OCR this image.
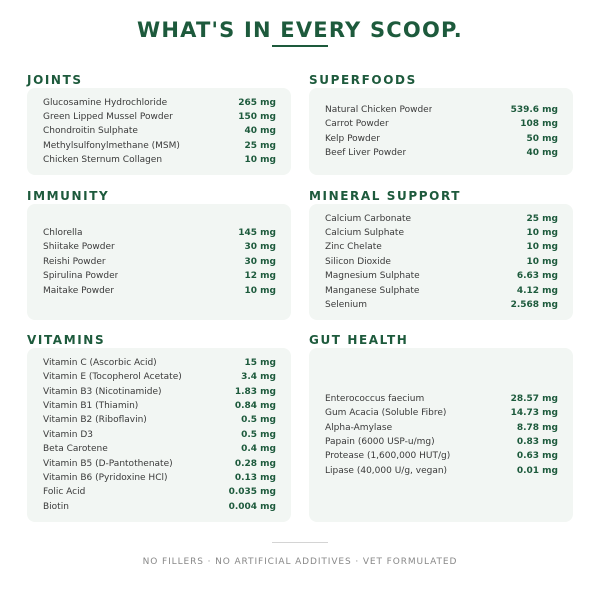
WHAT'S IN EVERY SCOOP.
JOINTS
Glucosamine Hydrochloride	265 mg
Green Lipped Mussel Powder	150 mg
Chondroitin Sulphate	40 mg
Methylsulfonylmethane (MSM)	25 mg
Chicken Sternum Collagen	10 mg
SUPERFOODS
Natural Chicken Powder	539.6 mg
Carrot Powder	108 mg
Kelp Powder	50 mg
Beef Liver Powder	40 mg
IMMUNITY
Chlorella	145 mg
Shiitake Powder	30 mg
Reishi Powder	30 mg
Spirulina Powder	12 mg
Maitake Powder	10 mg
MINERAL SUPPORT
Calcium Carbonate	25 mg
Calcium Sulphate	10 mg
Zinc Chelate	10 mg
Silicon Dioxide	10 mg
Magnesium Sulphate	6.63 mg
Manganese Sulphate	4.12 mg
Selenium	2.568 mg
VITAMINS
Vitamin C (Ascorbic Acid)	15 mg
Vitamin E (Tocopherol Acetate)	3.4 mg
Vitamin B3 (Nicotinamide)	1.83 mg
Vitamin B1 (Thiamin)	0.84 mg
Vitamin B2 (Riboflavin)	0.5 mg
Vitamin D3	0.5 mg
Beta Carotene	0.4 mg
Vitamin B5 (D-Pantothenate)	0.28 mg
Vitamin B6 (Pyridoxine HCl)	0.13 mg
Folic Acid	0.035 mg
Biotin	0.004 mg
GUT HEALTH
Enterococcus faecium	28.57 mg
Gum Acacia (Soluble Fibre)	14.73 mg
Alpha-Amylase	8.78 mg
Papain (6000 USP-u/mg)	0.83 mg
Protease (1,600,000 HUT/g)	0.63 mg
Lipase (40,000 U/g, vegan)	0.01 mg

NO FILLERS · NO ARTIFICIAL ADDITIVES · VET FORMULATED
